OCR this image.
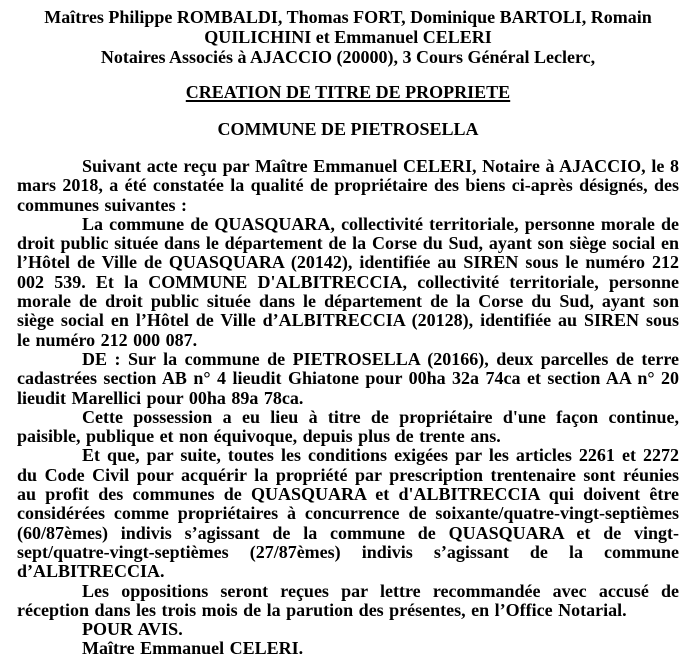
Maîtres Philippe ROMBALDI, Thomas FORT, Dominique BARTOLI, Romain QUILICHINI et Emmanuel CELERI

Notaires Associés à AJACCIO (20000), 3 Cours Général Leclerc,

CREATION DE TITRE DE PROPRIETE
COMMUNE DE PIETROSELLA

Suivant acte reçu par Maître Emmanuel CELERI, Notaire à AJACCIO, le 8 mars 2018, a été constatée la qualité de propriétaire des biens ci-après désignés, des communes suivantes :

La commune de QUASQUARA, collectivité territoriale, personne morale de droit public située dans le département de la Corse du Sud, ayant son siège social en l’Hôtel de Ville de QUASQUARA (20142), identifiée au SIREN sous le numéro 212 002 539. Et la COMMUNE D'ALBITRECCIA, collectivité territoriale, personne morale de droit public située dans le département de la Corse du Sud, ayant son siège social en l’Hôtel de Ville d’ALBITRECCIA (20128), identifiée au SIREN sous le numéro 212 000 087.

DE : Sur la commune de PIETROSELLA (20166), deux parcelles de terre cadastrées section AB n° 4 lieudit Ghiatone pour 00ha 32a 74ca et section AA n° 20 lieudit Marellici pour 00ha 89a 78ca.

Cette possession a eu lieu à titre de propriétaire d'une façon continue, paisible, publique et non équivoque, depuis plus de trente ans.

Et que, par suite, toutes les conditions exigées par les articles 2261 et 2272 du Code Civil pour acquérir la propriété par prescription trentenaire sont réunies au profit des communes de QUASQUARA et d'ALBITRECCIA qui doivent être considérées comme propriétaires à concurrence de soixante/quatre-vingt-septièmes (60/87èmes) indivis s’agissant de la commune de QUASQUARA et de vingt-sept/quatre-vingt-septièmes (27/87èmes) indivis s’agissant de la commune d’ALBITRECCIA.

Les oppositions seront reçues par lettre recommandée avec accusé de réception dans les trois mois de la parution des présentes, en l’Office Notarial.

POUR AVIS.

Maître Emmanuel CELERI.
